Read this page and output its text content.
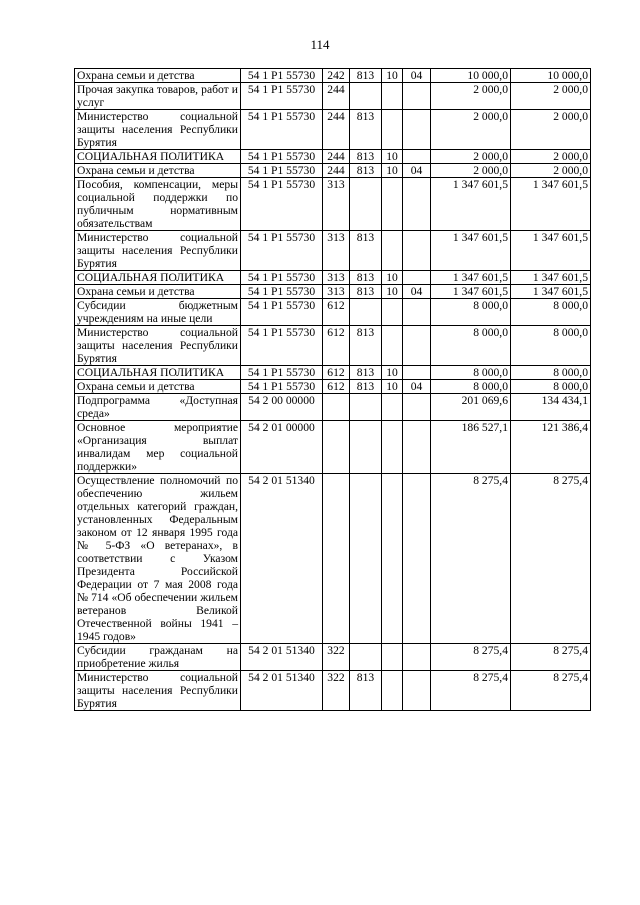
114
Охрана семьи и детства	54 1 P1 55730	242	813	10	04	10 000,0	10 000,0
Прочая закупка товаров, работ и услуг	54 1 P1 55730	244				2 000,0	2 000,0
Министерство социальной защиты населения Республики Бурятия	54 1 P1 55730	244	813			2 000,0	2 000,0
СОЦИАЛЬНАЯ ПОЛИТИКА	54 1 P1 55730	244	813	10		2 000,0	2 000,0
Охрана семьи и детства	54 1 P1 55730	244	813	10	04	2 000,0	2 000,0
Пособия, компенсации, меры социальной поддержки по публичным нормативным обязательствам	54 1 P1 55730	313				1 347 601,5	1 347 601,5
Министерство социальной защиты населения Республики Бурятия	54 1 P1 55730	313	813			1 347 601,5	1 347 601,5
СОЦИАЛЬНАЯ ПОЛИТИКА	54 1 P1 55730	313	813	10		1 347 601,5	1 347 601,5
Охрана семьи и детства	54 1 P1 55730	313	813	10	04	1 347 601,5	1 347 601,5
Субсидии бюджетным учреждениям на иные цели	54 1 P1 55730	612				8 000,0	8 000,0
Министерство социальной защиты населения Республики Бурятия	54 1 P1 55730	612	813			8 000,0	8 000,0
СОЦИАЛЬНАЯ ПОЛИТИКА	54 1 P1 55730	612	813	10		8 000,0	8 000,0
Охрана семьи и детства	54 1 P1 55730	612	813	10	04	8 000,0	8 000,0
Подпрограмма «Доступная среда»	54 2 00 00000					201 069,6	134 434,1
Основное мероприятие «Организация выплат инвалидам мер социальной поддержки»	54 2 01 00000					186 527,1	121 386,4
Осуществление полномочий по обеспечению жильем отдельных категорий граждан, установленных Федеральным законом от 12 января 1995 года № 5-ФЗ «О ветеранах», в соответствии с Указом Президента Российской Федерации от 7 мая 2008 года № 714 «Об обеспечении жильем ветеранов Великой Отечественной войны 1941 – 1945 годов»	54 2 01 51340					8 275,4	8 275,4
Субсидии гражданам на приобретение жилья	54 2 01 51340	322				8 275,4	8 275,4
Министерство социальной защиты населения Республики Бурятия	54 2 01 51340	322	813			8 275,4	8 275,4
